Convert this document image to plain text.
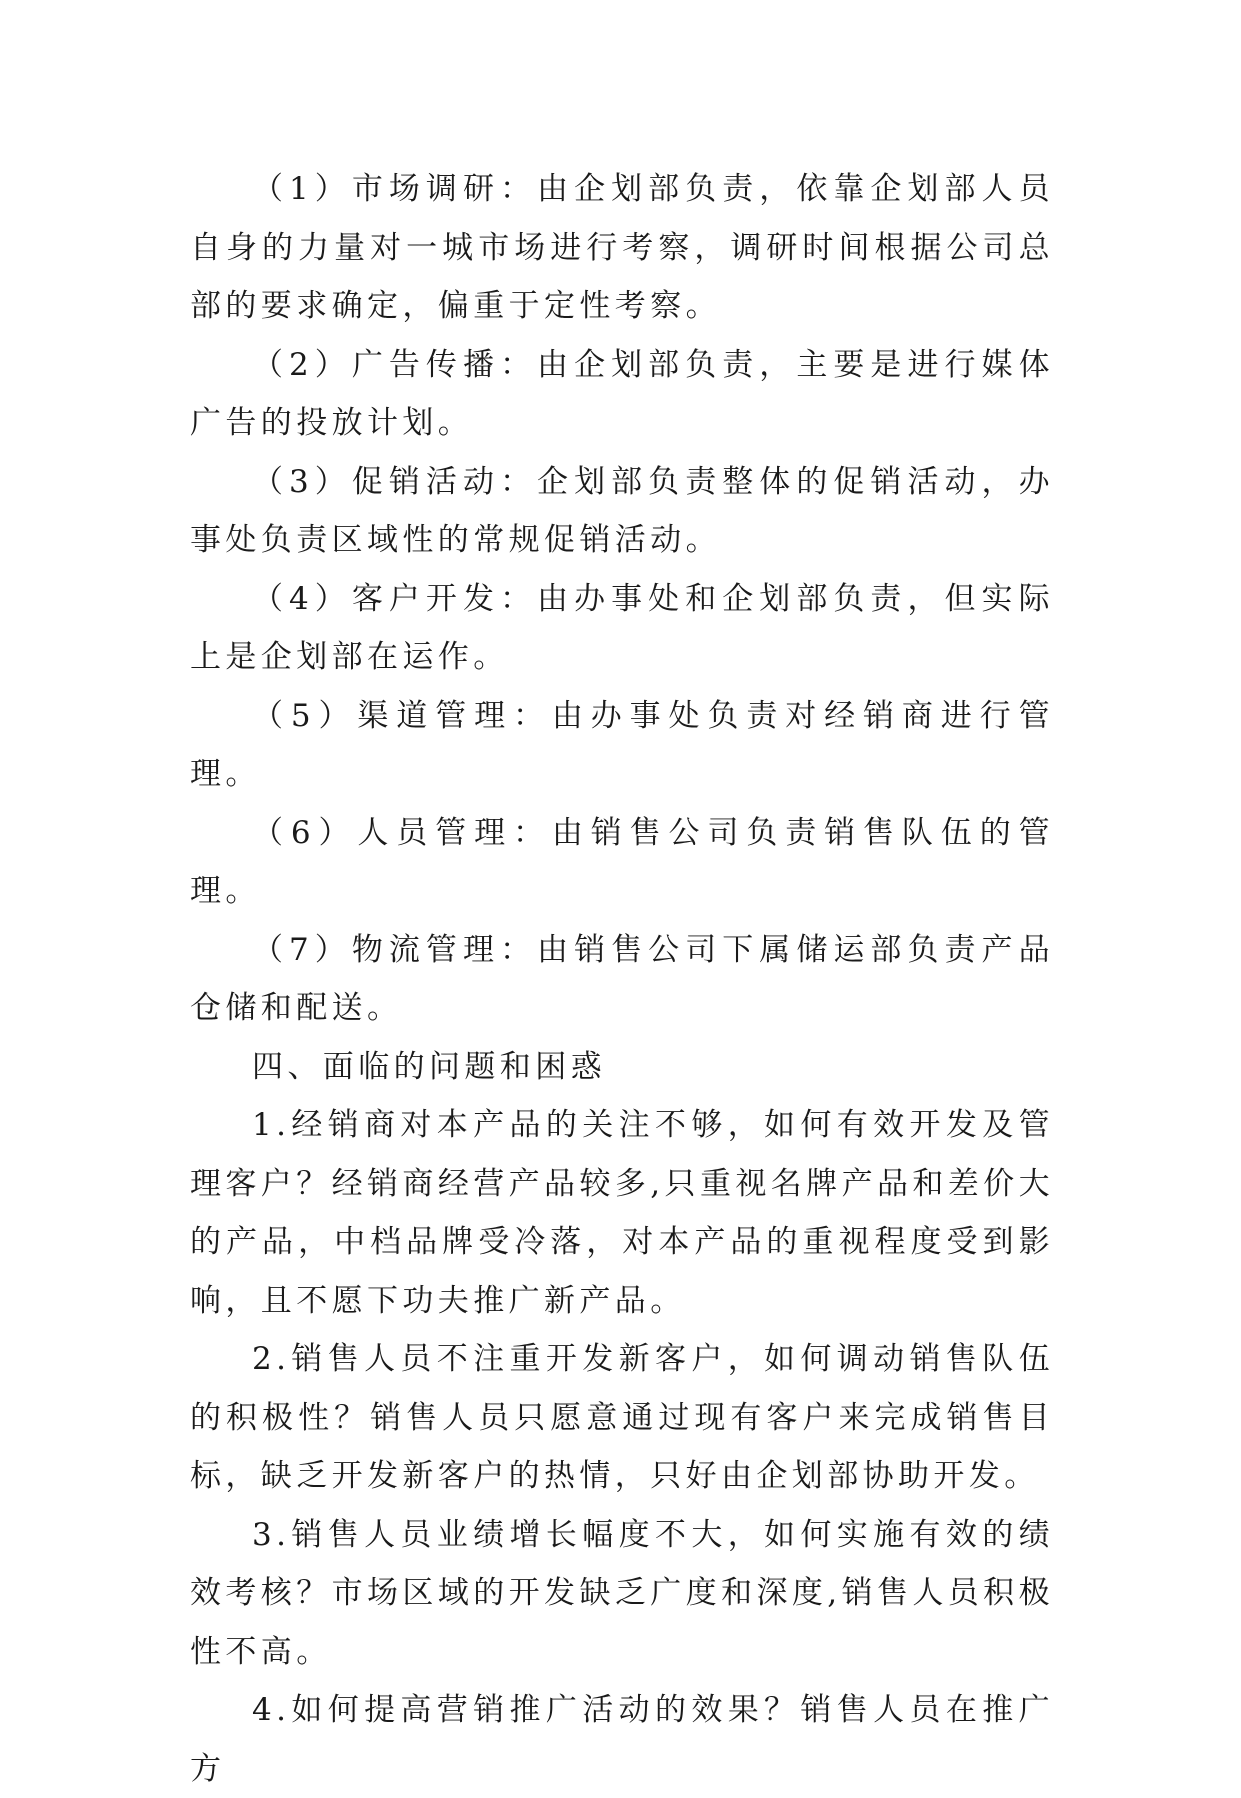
（1）市场调研：由企划部负责，依靠企划部人员自身的力量对一城市场进行考察，调研时间根据公司总部的要求确定，偏重于定性考察。

（2）广告传播：由企划部负责，主要是进行媒体广告的投放计划。

（3）促销活动：企划部负责整体的促销活动，办事处负责区域性的常规促销活动。

（4）客户开发：由办事处和企划部负责，但实际上是企划部在运作。

（5）渠道管理：由办事处负责对经销商进行管理。

（6）人员管理：由销售公司负责销售队伍的管理。

（7）物流管理：由销售公司下属储运部负责产品仓储和配送。

四、面临的问题和困惑

1.经销商对本产品的关注不够，如何有效开发及管理客户？经销商经营产品较多,只重视名牌产品和差价大的产品，中档品牌受冷落，对本产品的重视程度受到影响，且不愿下功夫推广新产品。

2.销售人员不注重开发新客户，如何调动销售队伍的积极性？销售人员只愿意通过现有客户来完成销售目标，缺乏开发新客户的热情，只好由企划部协助开发。

3.销售人员业绩增长幅度不大，如何实施有效的绩效考核？市场区域的开发缺乏广度和深度,销售人员积极性不高。

4.如何提高营销推广活动的效果？销售人员在推广方
